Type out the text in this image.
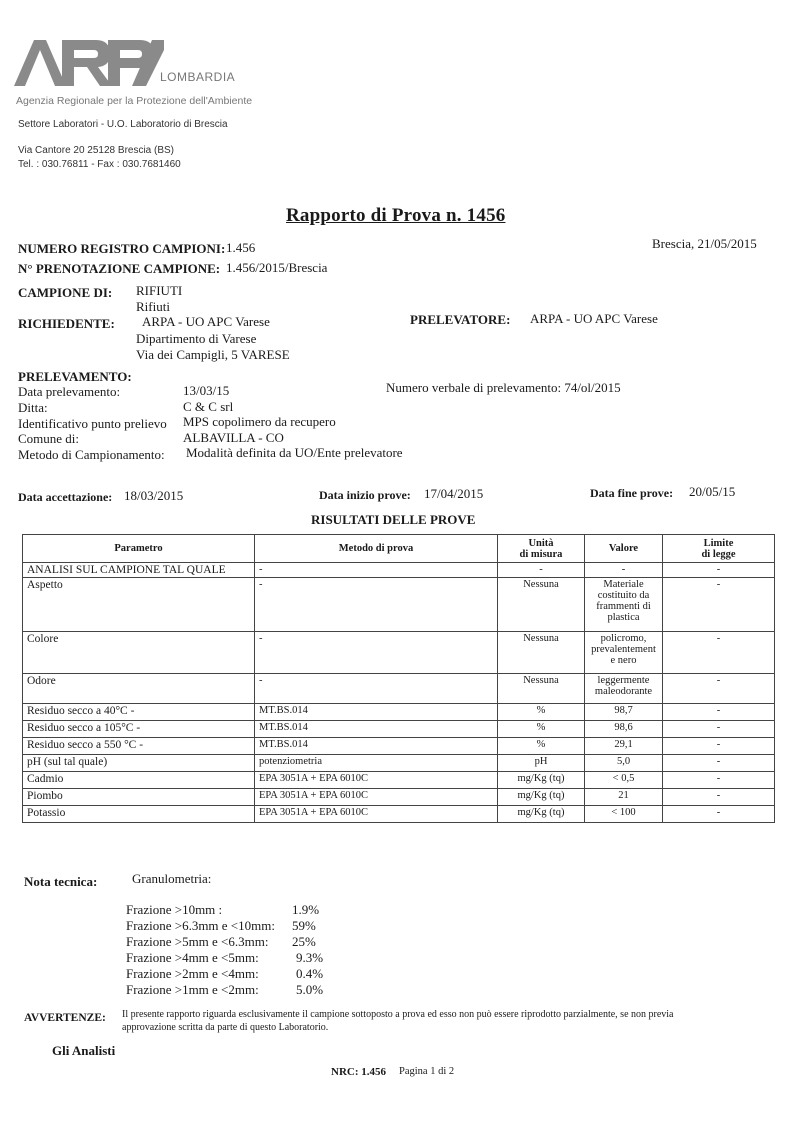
LOMBARDIA
Agenzia Regionale per la Protezione dell'Ambiente
Settore Laboratori - U.O. Laboratorio di Brescia
Via Cantore 20 25128 Brescia (BS)
Tel. : 030.76811 - Fax : 030.7681460
Rapporto di Prova n. 1456
NUMERO REGISTRO CAMPIONI: 1.456	Brescia, 21/05/2015
N° PRENOTAZIONE CAMPIONE: 1.456/2015/Brescia
CAMPIONE DI: RIFIUTI
Rifiuti
RICHIEDENTE: ARPA - UO APC Varese
Dipartimento di Varese
Via dei Campigli, 5 VARESE
PRELEVATORE: ARPA - UO APC Varese
PRELEVAMENTO:
Data prelevamento:	13/03/15	Numero verbale di prelevamento: 74/ol/2015
Ditta:	C & C srl
Identificativo punto prelievo MPS copolimero da recupero
Comune di:	ALBAVILLA - CO
Metodo di Campionamento: Modalità definita da UO/Ente prelevatore
Data accettazione: 18/03/2015	Data inizio prove: 17/04/2015	Data fine prove: 20/05/15
RISULTATI DELLE PROVE
Parametro	Metodo di prova	Unità
di misura	Valore	Limite
di legge
ANALISI SUL CAMPIONE TAL QUALE	-	-	-	-
Aspetto	-	Nessuna	Materiale costituito da frammenti di plastica	-
Colore	-	Nessuna	policromo, prevalentement e nero	-
Odore	-	Nessuna	leggermente maleodorante	-
Residuo secco a 40°C -	MT.BS.014	%	98,7	-
Residuo secco a 105°C -	MT.BS.014	%	98,6	-
Residuo secco a 550 °C -	MT.BS.014	%	29,1	-
pH (sul tal quale)	potenziometria	pH	5,0	-
Cadmio	EPA 3051A + EPA 6010C	mg/Kg (tq)	< 0,5	-
Piombo	EPA 3051A + EPA 6010C	mg/Kg (tq)	21	-
Potassio	EPA 3051A + EPA 6010C	mg/Kg (tq)	< 100	-
Nota tecnica:	Granulometria:
Frazione >10mm :	1.9%
Frazione >6.3mm e <10mm:	59%
Frazione >5mm e <6.3mm:	25%
Frazione >4mm e <5mm:	9.3%
Frazione >2mm e <4mm:	0.4%
Frazione >1mm e <2mm:	5.0%
AVVERTENZE: Il presente rapporto riguarda esclusivamente il campione sottoposto a prova ed esso non può essere riprodotto parzialmente, se non previa
approvazione scritta da parte di questo Laboratorio.
Gli Analisti
NRC: 1.456 Pagina 1 di 2
